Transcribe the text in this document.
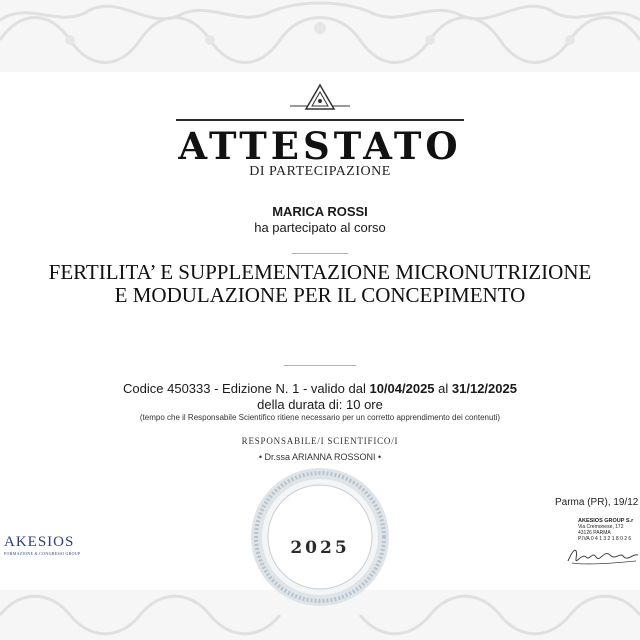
ATTESTATO
DI PARTECIPAZIONE
MARICA ROSSI
ha partecipato al corso
FERTILITA’ E SUPPLEMENTAZIONE MICRONUTRIZIONE
E MODULAZIONE PER IL CONCEPIMENTO
Codice 450333 - Edizione N. 1 - valido dal 10/04/2025 al 31/12/2025
della durata di: 10 ore
(tempo che il Responsabile Scientifico ritiene necessario per un corretto apprendimento dei contenuti)
RESPONSABILE/I SCIENTIFICO/I
• Dr.ssa ARIANNA ROSSONI •
2025
Parma (PR), 19/12
AKESIOS GROUP S.r
Via Cremonese, 172
43126 PARMA
P.IVA 0 4 1 3 2 1 8 0 2 6
AKESIOS
FORMAZIONE & CONGRESSI GROUP
